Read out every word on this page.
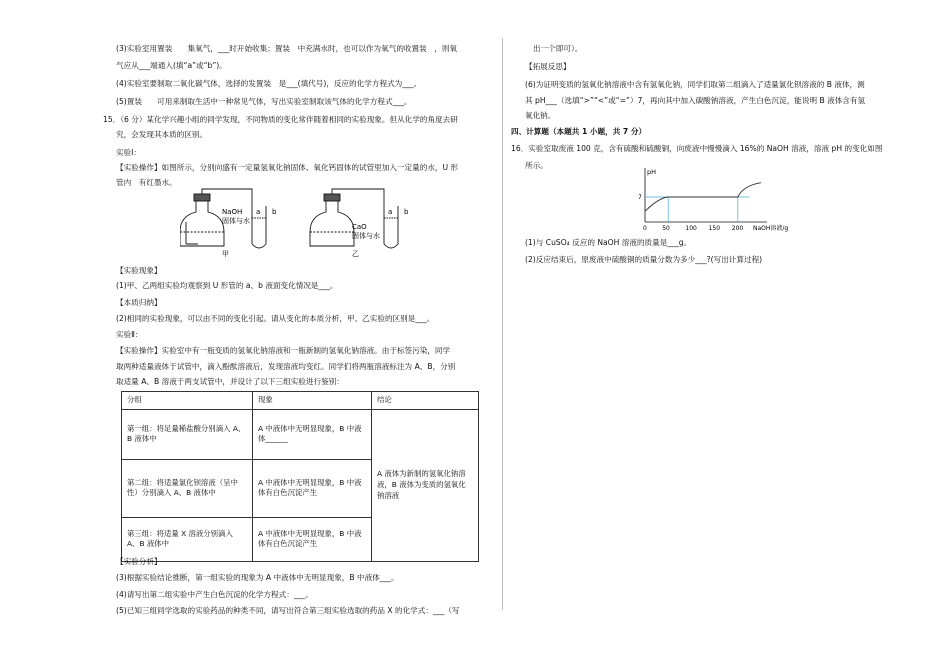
(3)实验室用置装　　集氧气，___时开始收集；置装　中充满水时，也可以作为氧气的收置装　，则氧
气应从___端通入(填“a”或“b”)。
(4)实验室要制取二氧化碳气体，选择的发置装　是___(填代号)，反应的化学方程式为___。
(5)置装　　可用来制取生活中一种常见气体，写出实验室制取该气体的化学方程式___。
15．（6 分）某化学兴趣小组的同学发现，不同物质的变化常伴随着相同的实验现象。但从化学的角度去研
究，会发现其本质的区别。
实验Ⅰ：
【实验操作】如图所示，分别向盛有一定量氢氧化钠固体、氧化钙固体的试管里加入一定量的水，U 形
管内　有红墨水。
NaOH
固体与水
甲
a b
CaO
固体与水
乙
a b
【实验现象】
(1)甲、乙两组实验均观察到 U 形管的 a、b 液面变化情况是___。
【本质归纳】
(2)相同的实验现象，可以由不同的变化引起。请从变化的本质分析，甲、乙实验的区别是___。
实验Ⅱ：
【实验操作】实验室中有一瓶变质的氢氧化钠溶液和一瓶新制的氢氧化钠溶液。由于标签污染，同学
取两种适量液体于试管中，滴入酚酞溶液后，发现溶液均变红。同学们将两瓶溶液标注为 A、B，分别
取适量 A、B 溶液于两支试管中，并设计了以下三组实验进行鉴别：
分组	现象	结论
第一组：将足量稀盐酸分别滴入 A、B 液体中	A 中液体中无明显现象，B 中液体______	A 液体为新制的氢氧化钠溶液，B 液体为变质的氢氧化钠溶液
第二组：将适量氯化钡溶液（呈中性）分别滴入 A、B 液体中	A 中液体中无明显现象，B 中液体有白色沉淀产生	
第三组：将适量 X 溶液分别滴入 A、B 液体中	A 中液体中无明显现象，B 中液体有白色沉淀产生	
【实验分析】
(3)根据实验结论推断，第一组实验的现象为 A 中液体中无明显现象，B 中液体___。
(4)请写出第二组实验中产生白色沉淀的化学方程式：___。
(5)已知三组同学选取的实验药品的种类不同，请写出符合第三组实验选取的药品 X 的化学式：___（写
出一个即可）。
【拓展反思】
(6)为证明变质的氢氧化钠溶液中含有氢氧化钠，同学们取第二组滴入了适量氯化钡溶液的 B 液体，测
其 pH___（选填“>”“<”或“=”）7，再向其中加入碳酸钠溶液，产生白色沉淀，能说明 B 液体含有氢
氧化钠。
四、计算题（本题共 1 小题，共 7 分）
16．实验室取废液 100 克，含有硫酸和硫酸铜，向废液中慢慢滴入 16%的 NaOH 溶液，溶液 pH 的变化如图
所示。
0	50	100 150 200
7
pH
NaOH溶液/g
(1)与 CuSO₄ 反应的 NaOH 溶液的质量是___g。
(2)反应结束后，原废液中硫酸铜的质量分数为多少___?(写出计算过程)
